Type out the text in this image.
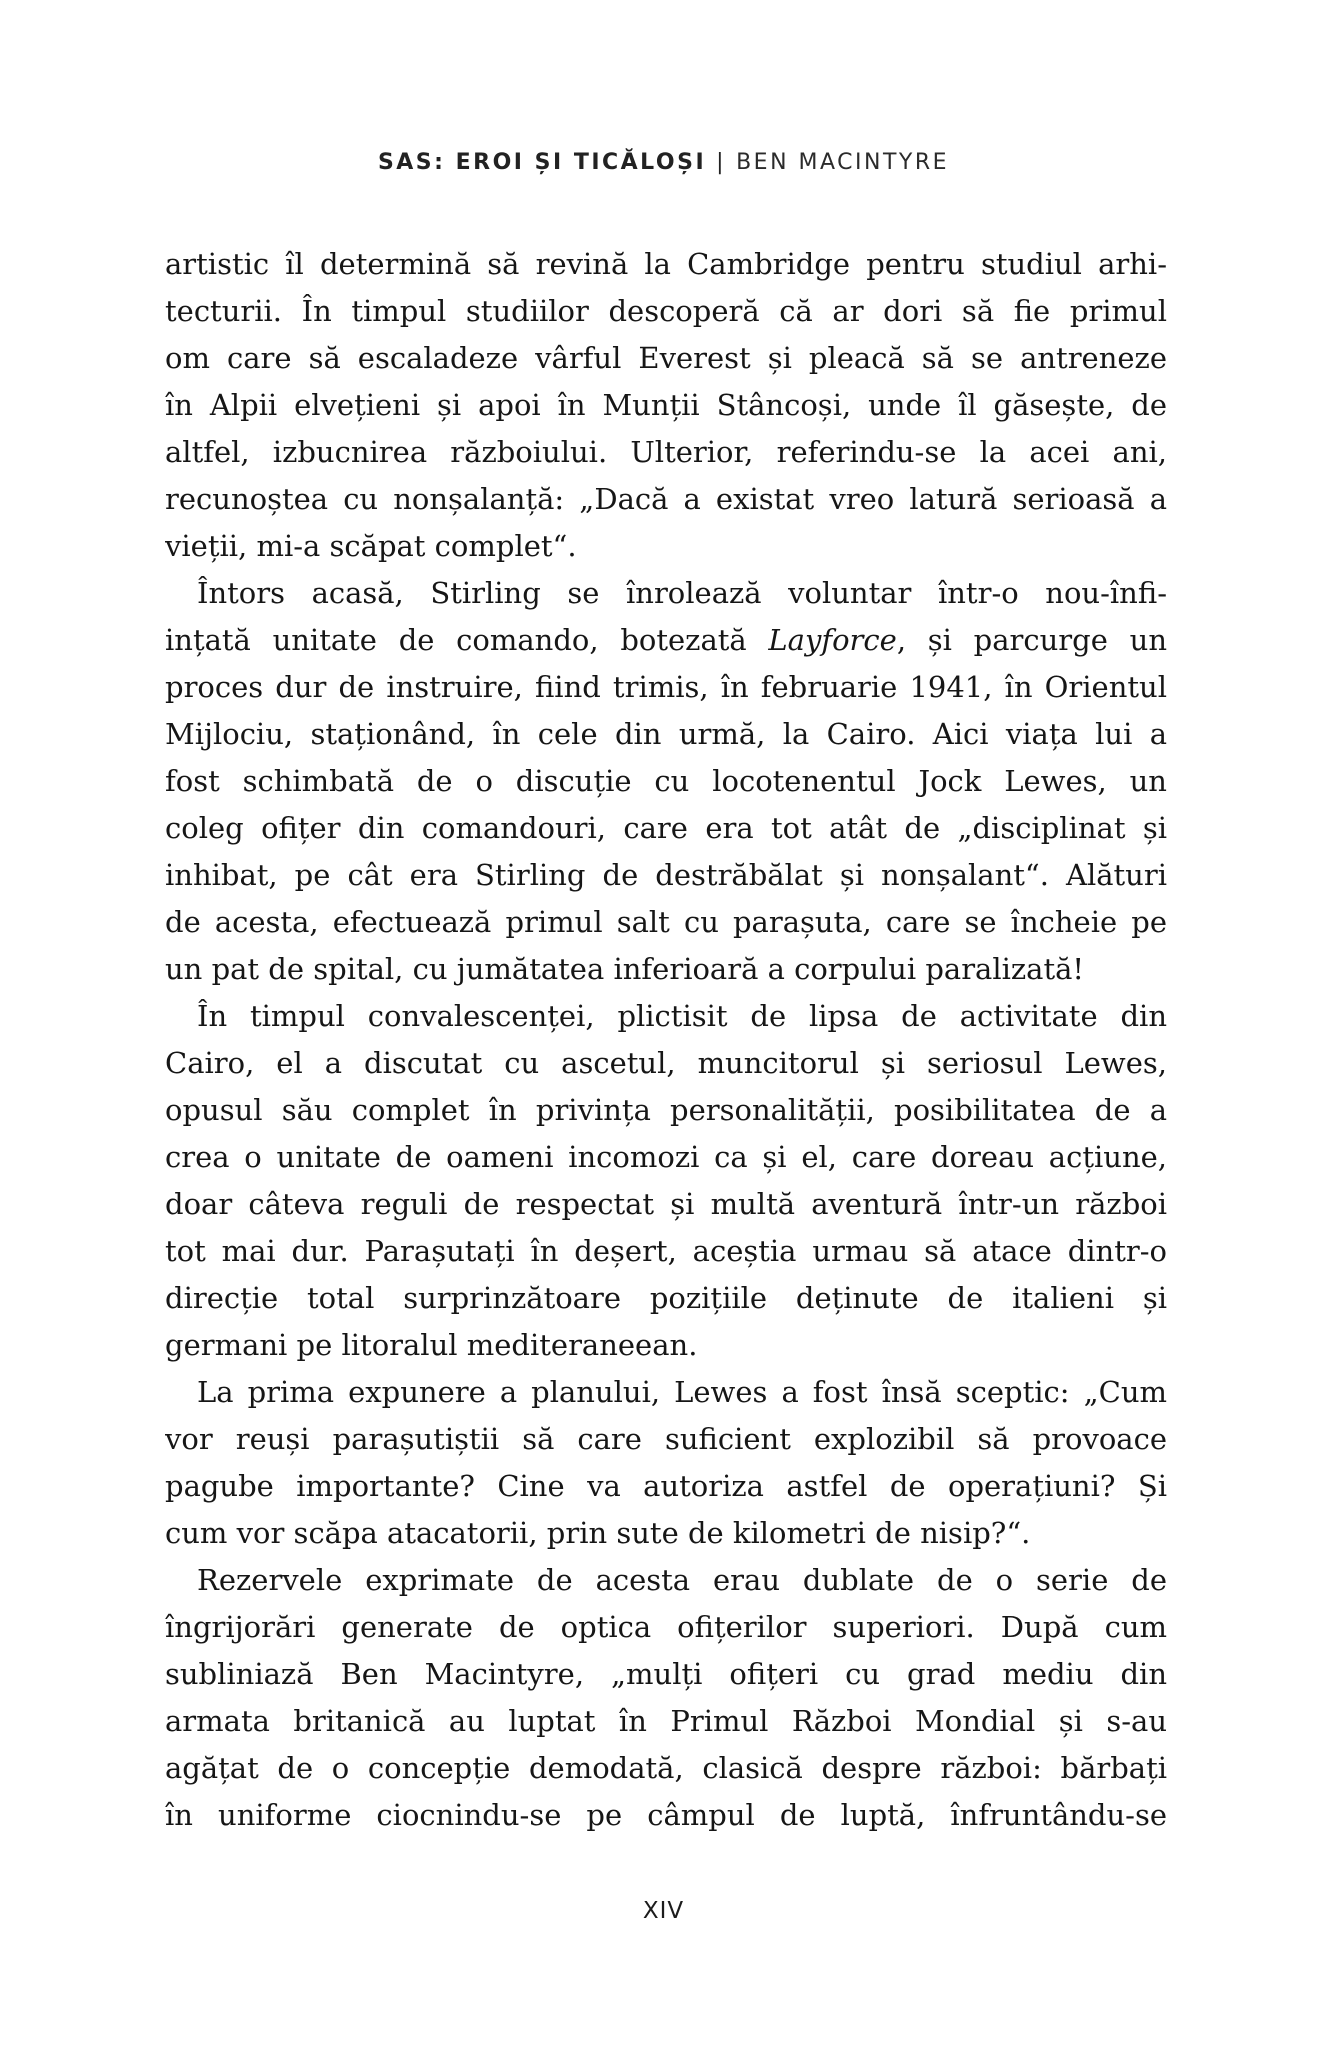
SAS: EROI ȘI TICĂLOȘI | BEN MACINTYRE
artistic îl determină să revină la Cambridge pentru studiul arhi-
tecturii. În timpul studiilor descoperă că ar dori să fie primul
om care să escaladeze vârful Everest și pleacă să se antreneze
în Alpii elvețieni și apoi în Munții Stâncoși, unde îl găsește, de
altfel, izbucnirea războiului. Ulterior, referindu-se la acei ani,
recunoștea cu nonșalanță: „Dacă a existat vreo latură serioasă a
vieții, mi-a scăpat complet“.
Întors acasă, Stirling se înrolează voluntar într-o nou-înfi-
ințată unitate de comando, botezată Layforce, și parcurge un
proces dur de instruire, fiind trimis, în februarie 1941, în Orientul
Mijlociu, staționând, în cele din urmă, la Cairo. Aici viața lui a
fost schimbată de o discuție cu locotenentul Jock Lewes, un
coleg ofițer din comandouri, care era tot atât de „disciplinat și
inhibat, pe cât era Stirling de destrăbălat și nonșalant“. Alături
de acesta, efectuează primul salt cu parașuta, care se încheie pe
un pat de spital, cu jumătatea inferioară a corpului paralizată!
În timpul convalescenței, plictisit de lipsa de activitate din
Cairo, el a discutat cu ascetul, muncitorul și seriosul Lewes,
opusul său complet în privința personalității, posibilitatea de a
crea o unitate de oameni incomozi ca și el, care doreau acțiune,
doar câteva reguli de respectat și multă aventură într-un război
tot mai dur. Parașutați în deșert, aceștia urmau să atace dintr-o
direcție total surprinzătoare pozițiile deținute de italieni și
germani pe litoralul mediteraneean.
La prima expunere a planului, Lewes a fost însă sceptic: „Cum
vor reuși parașutiștii să care suficient explozibil să provoace
pagube importante? Cine va autoriza astfel de operațiuni? Și
cum vor scăpa atacatorii, prin sute de kilometri de nisip?“.
Rezervele exprimate de acesta erau dublate de o serie de
îngrijorări generate de optica ofițerilor superiori. După cum
subliniază Ben Macintyre, „mulți ofițeri cu grad mediu din
armata britanică au luptat în Primul Război Mondial și s-au
agățat de o concepție demodată, clasică despre război: bărbați
în uniforme ciocnindu-se pe câmpul de luptă, înfruntându-se
XIV
